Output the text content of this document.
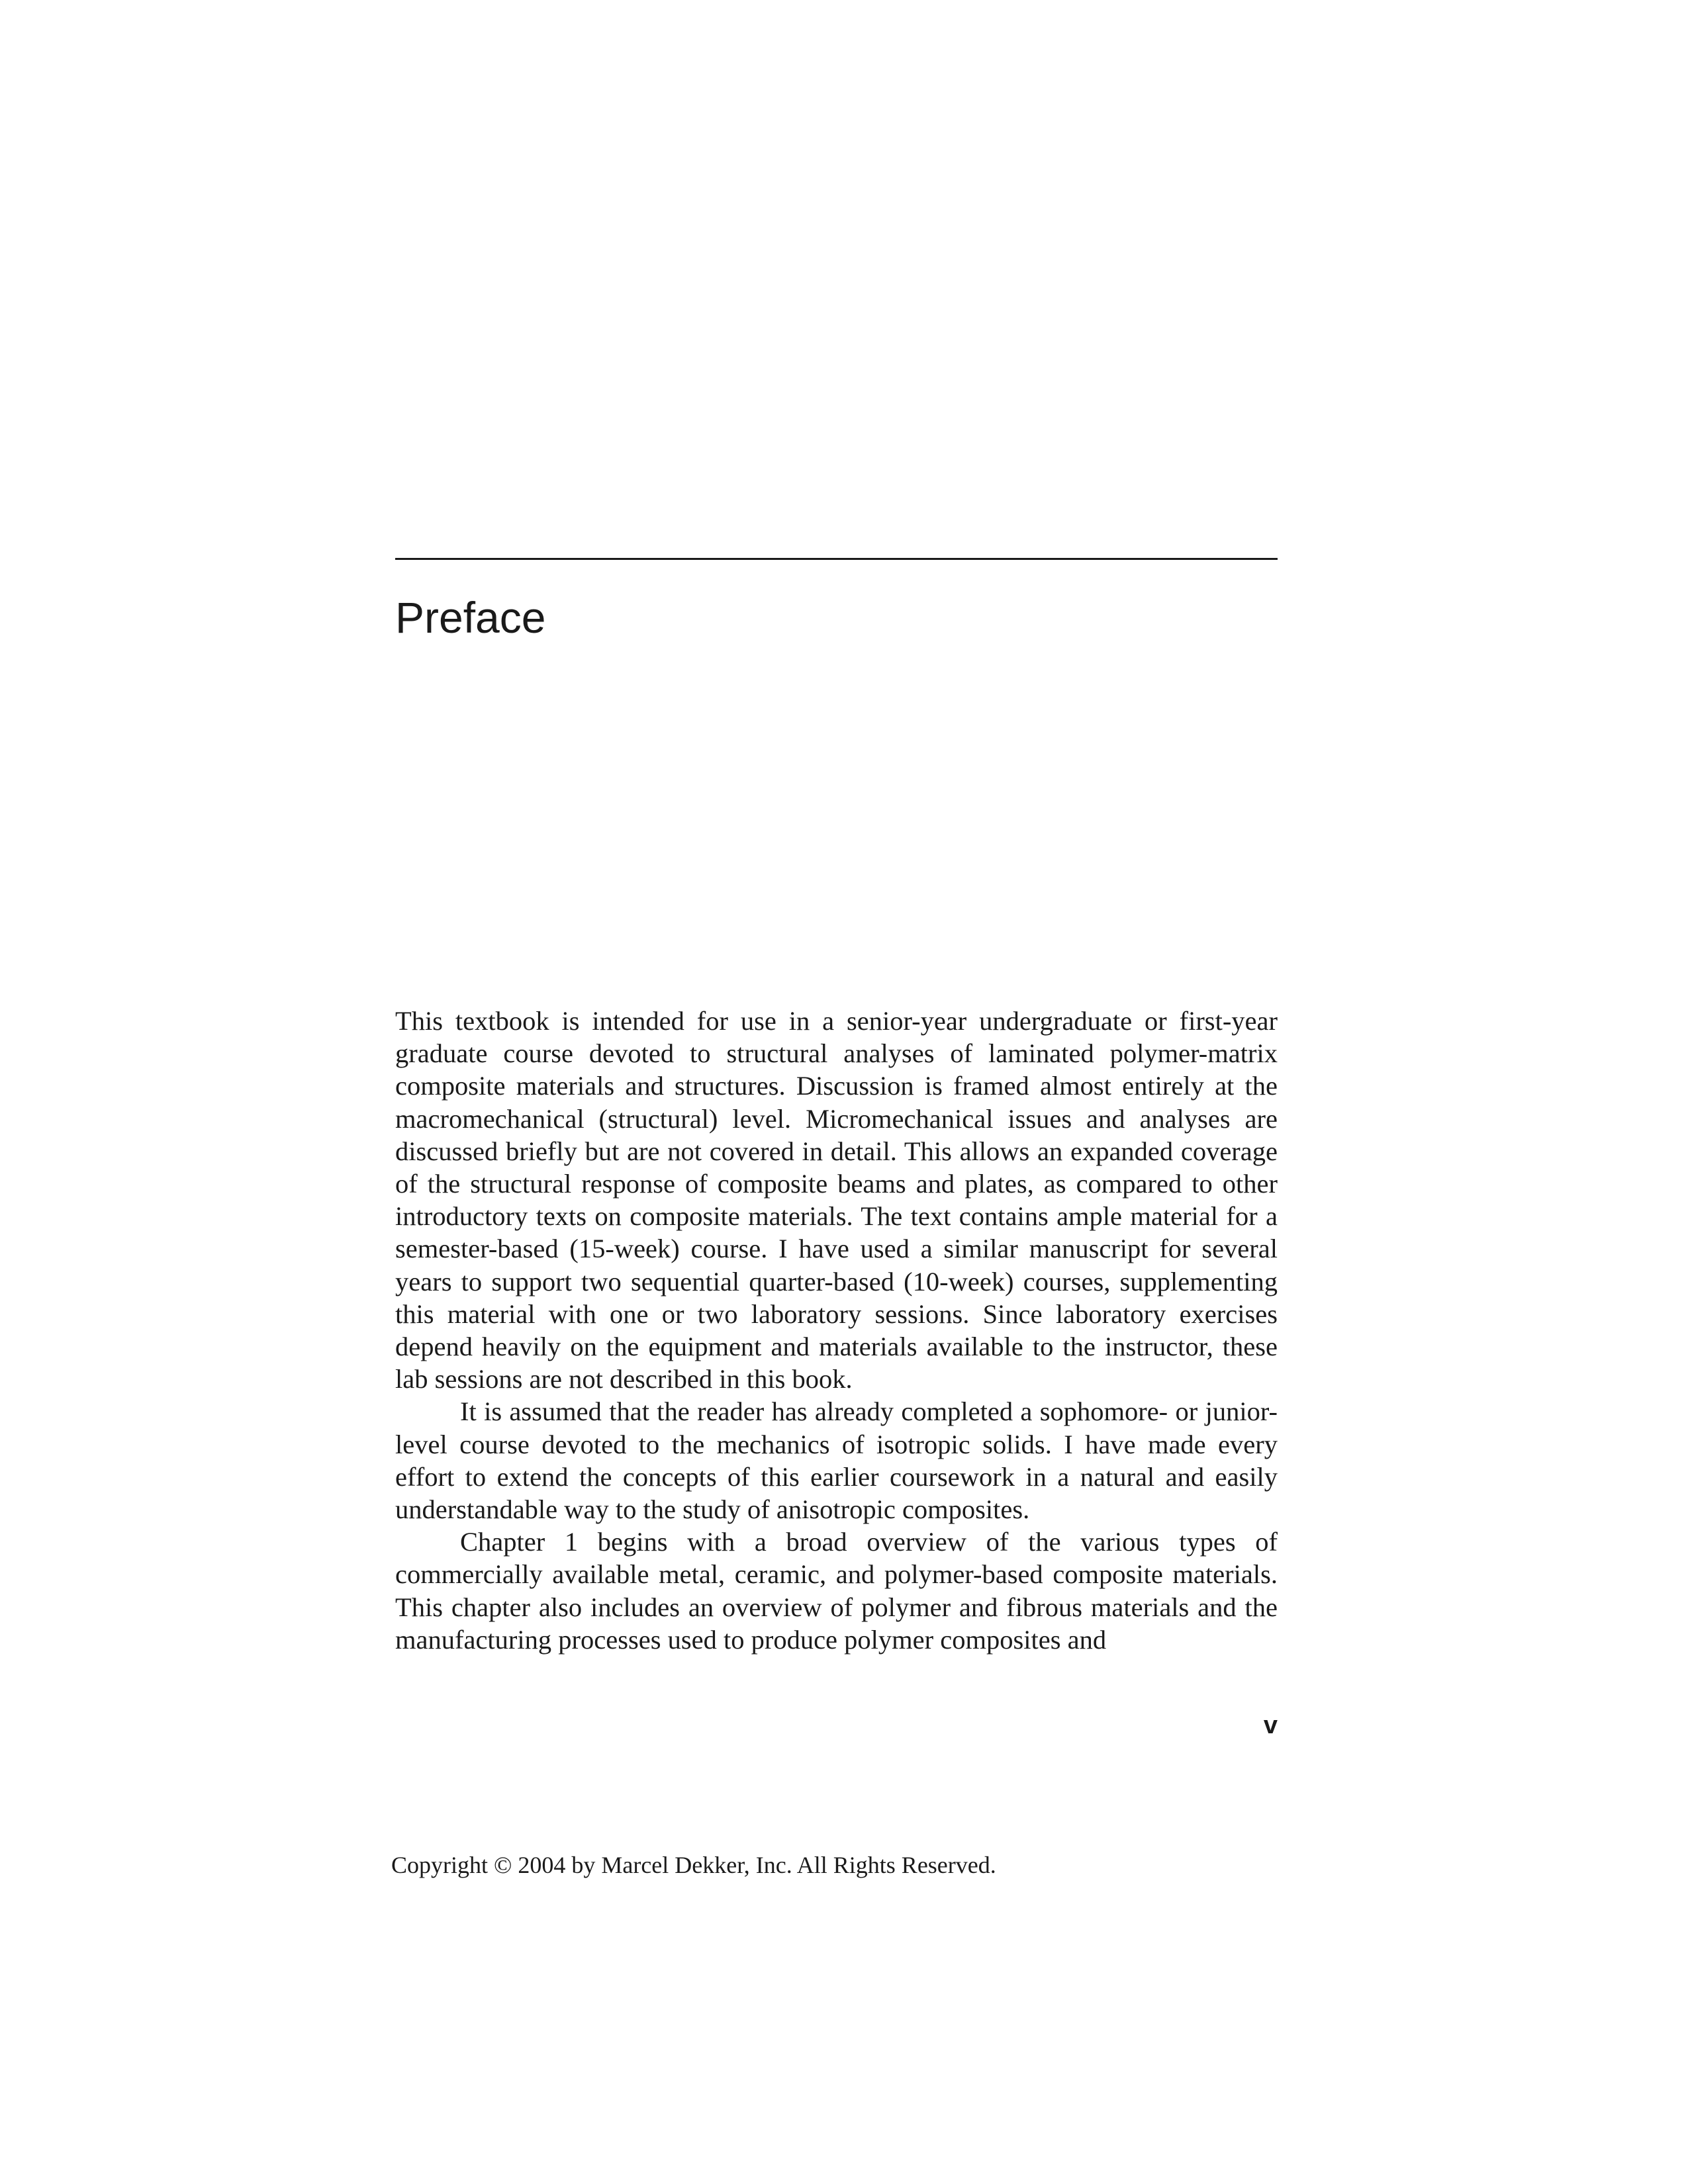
Preface

This textbook is intended for use in a senior-year undergraduate or first-year graduate course devoted to structural analyses of laminated polymer-matrix composite materials and structures. Discussion is framed almost entirely at the macromechanical (structural) level. Micromechanical issues and analyses are discussed briefly but are not covered in detail. This allows an expanded coverage of the structural response of composite beams and plates, as compared to other introductory texts on composite materials. The text contains ample material for a semester-based (15-week) course. I have used a similar manuscript for several years to support two sequential quarter-based (10-week) courses, supplementing this material with one or two laboratory sessions. Since laboratory exercises depend heavily on the equipment and materials available to the instructor, these lab sessions are not described in this book.

It is assumed that the reader has already completed a sophomore- or junior-level course devoted to the mechanics of isotropic solids. I have made every effort to extend the concepts of this earlier coursework in a natural and easily understandable way to the study of anisotropic composites.

Chapter 1 begins with a broad overview of the various types of commercially available metal, ceramic, and polymer-based composite materials. This chapter also includes an overview of polymer and fibrous materials and the manufacturing processes used to produce polymer composites and

v
Copyright © 2004 by Marcel Dekker, Inc. All Rights Reserved.
